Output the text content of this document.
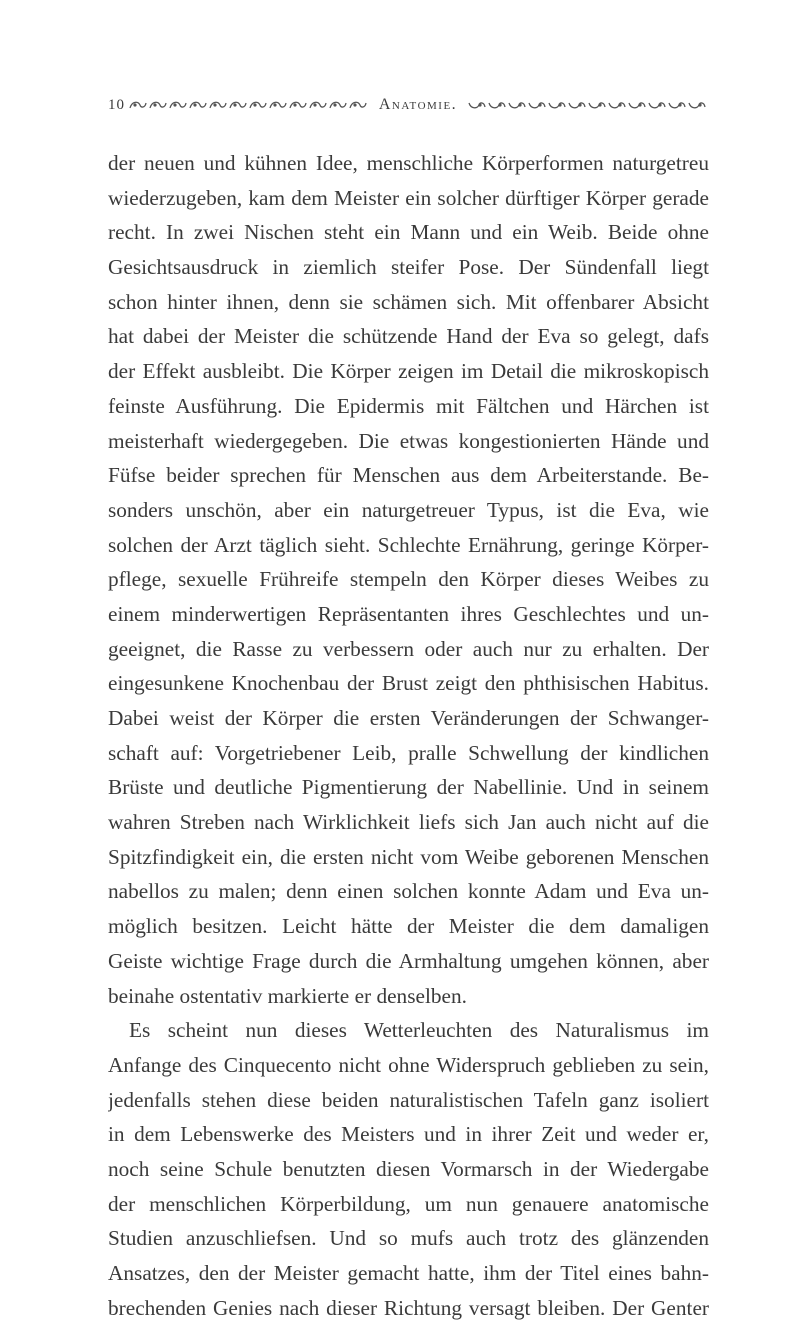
10	Anatomie.
der neuen und kühnen Idee, menschliche Körperformen naturgetreu
wiederzugeben, kam dem Meister ein solcher dürftiger Körper gerade
recht. In zwei Nischen steht ein Mann und ein Weib. Beide ohne
Gesichtsausdruck in ziemlich steifer Pose. Der Sündenfall liegt
schon hinter ihnen, denn sie schämen sich. Mit offenbarer Absicht
hat dabei der Meister die schützende Hand der Eva so gelegt, dafs
der Effekt ausbleibt. Die Körper zeigen im Detail die mikroskopisch
feinste Ausführung. Die Epidermis mit Fältchen und Härchen ist
meisterhaft wiedergegeben. Die etwas kongestionierten Hände und
Füfse beider sprechen für Menschen aus dem Arbeiterstande. Be-
sonders unschön, aber ein naturgetreuer Typus, ist die Eva, wie
solchen der Arzt täglich sieht. Schlechte Ernährung, geringe Körper-
pflege, sexuelle Frühreife stempeln den Körper dieses Weibes zu
einem minderwertigen Repräsentanten ihres Geschlechtes und un-
geeignet, die Rasse zu verbessern oder auch nur zu erhalten. Der
eingesunkene Knochenbau der Brust zeigt den phthisischen Habitus.
Dabei weist der Körper die ersten Veränderungen der Schwanger-
schaft auf: Vorgetriebener Leib, pralle Schwellung der kindlichen
Brüste und deutliche Pigmentierung der Nabellinie. Und in seinem
wahren Streben nach Wirklichkeit liefs sich Jan auch nicht auf die
Spitzfindigkeit ein, die ersten nicht vom Weibe geborenen Menschen
nabellos zu malen; denn einen solchen konnte Adam und Eva un-
möglich besitzen. Leicht hätte der Meister die dem damaligen
Geiste wichtige Frage durch die Armhaltung umgehen können, aber
beinahe ostentativ markierte er denselben.
Es scheint nun dieses Wetterleuchten des Naturalismus im
Anfange des Cinquecento nicht ohne Widerspruch geblieben zu sein,
jedenfalls stehen diese beiden naturalistischen Tafeln ganz isoliert
in dem Lebenswerke des Meisters und in ihrer Zeit und weder er,
noch seine Schule benutzten diesen Vormarsch in der Wiedergabe
der menschlichen Körperbildung, um nun genauere anatomische
Studien anzuschliefsen. Und so mufs auch trotz des glänzenden
Ansatzes, den der Meister gemacht hatte, ihm der Titel eines bahn-
brechenden Genies nach dieser Richtung versagt bleiben. Der Genter
